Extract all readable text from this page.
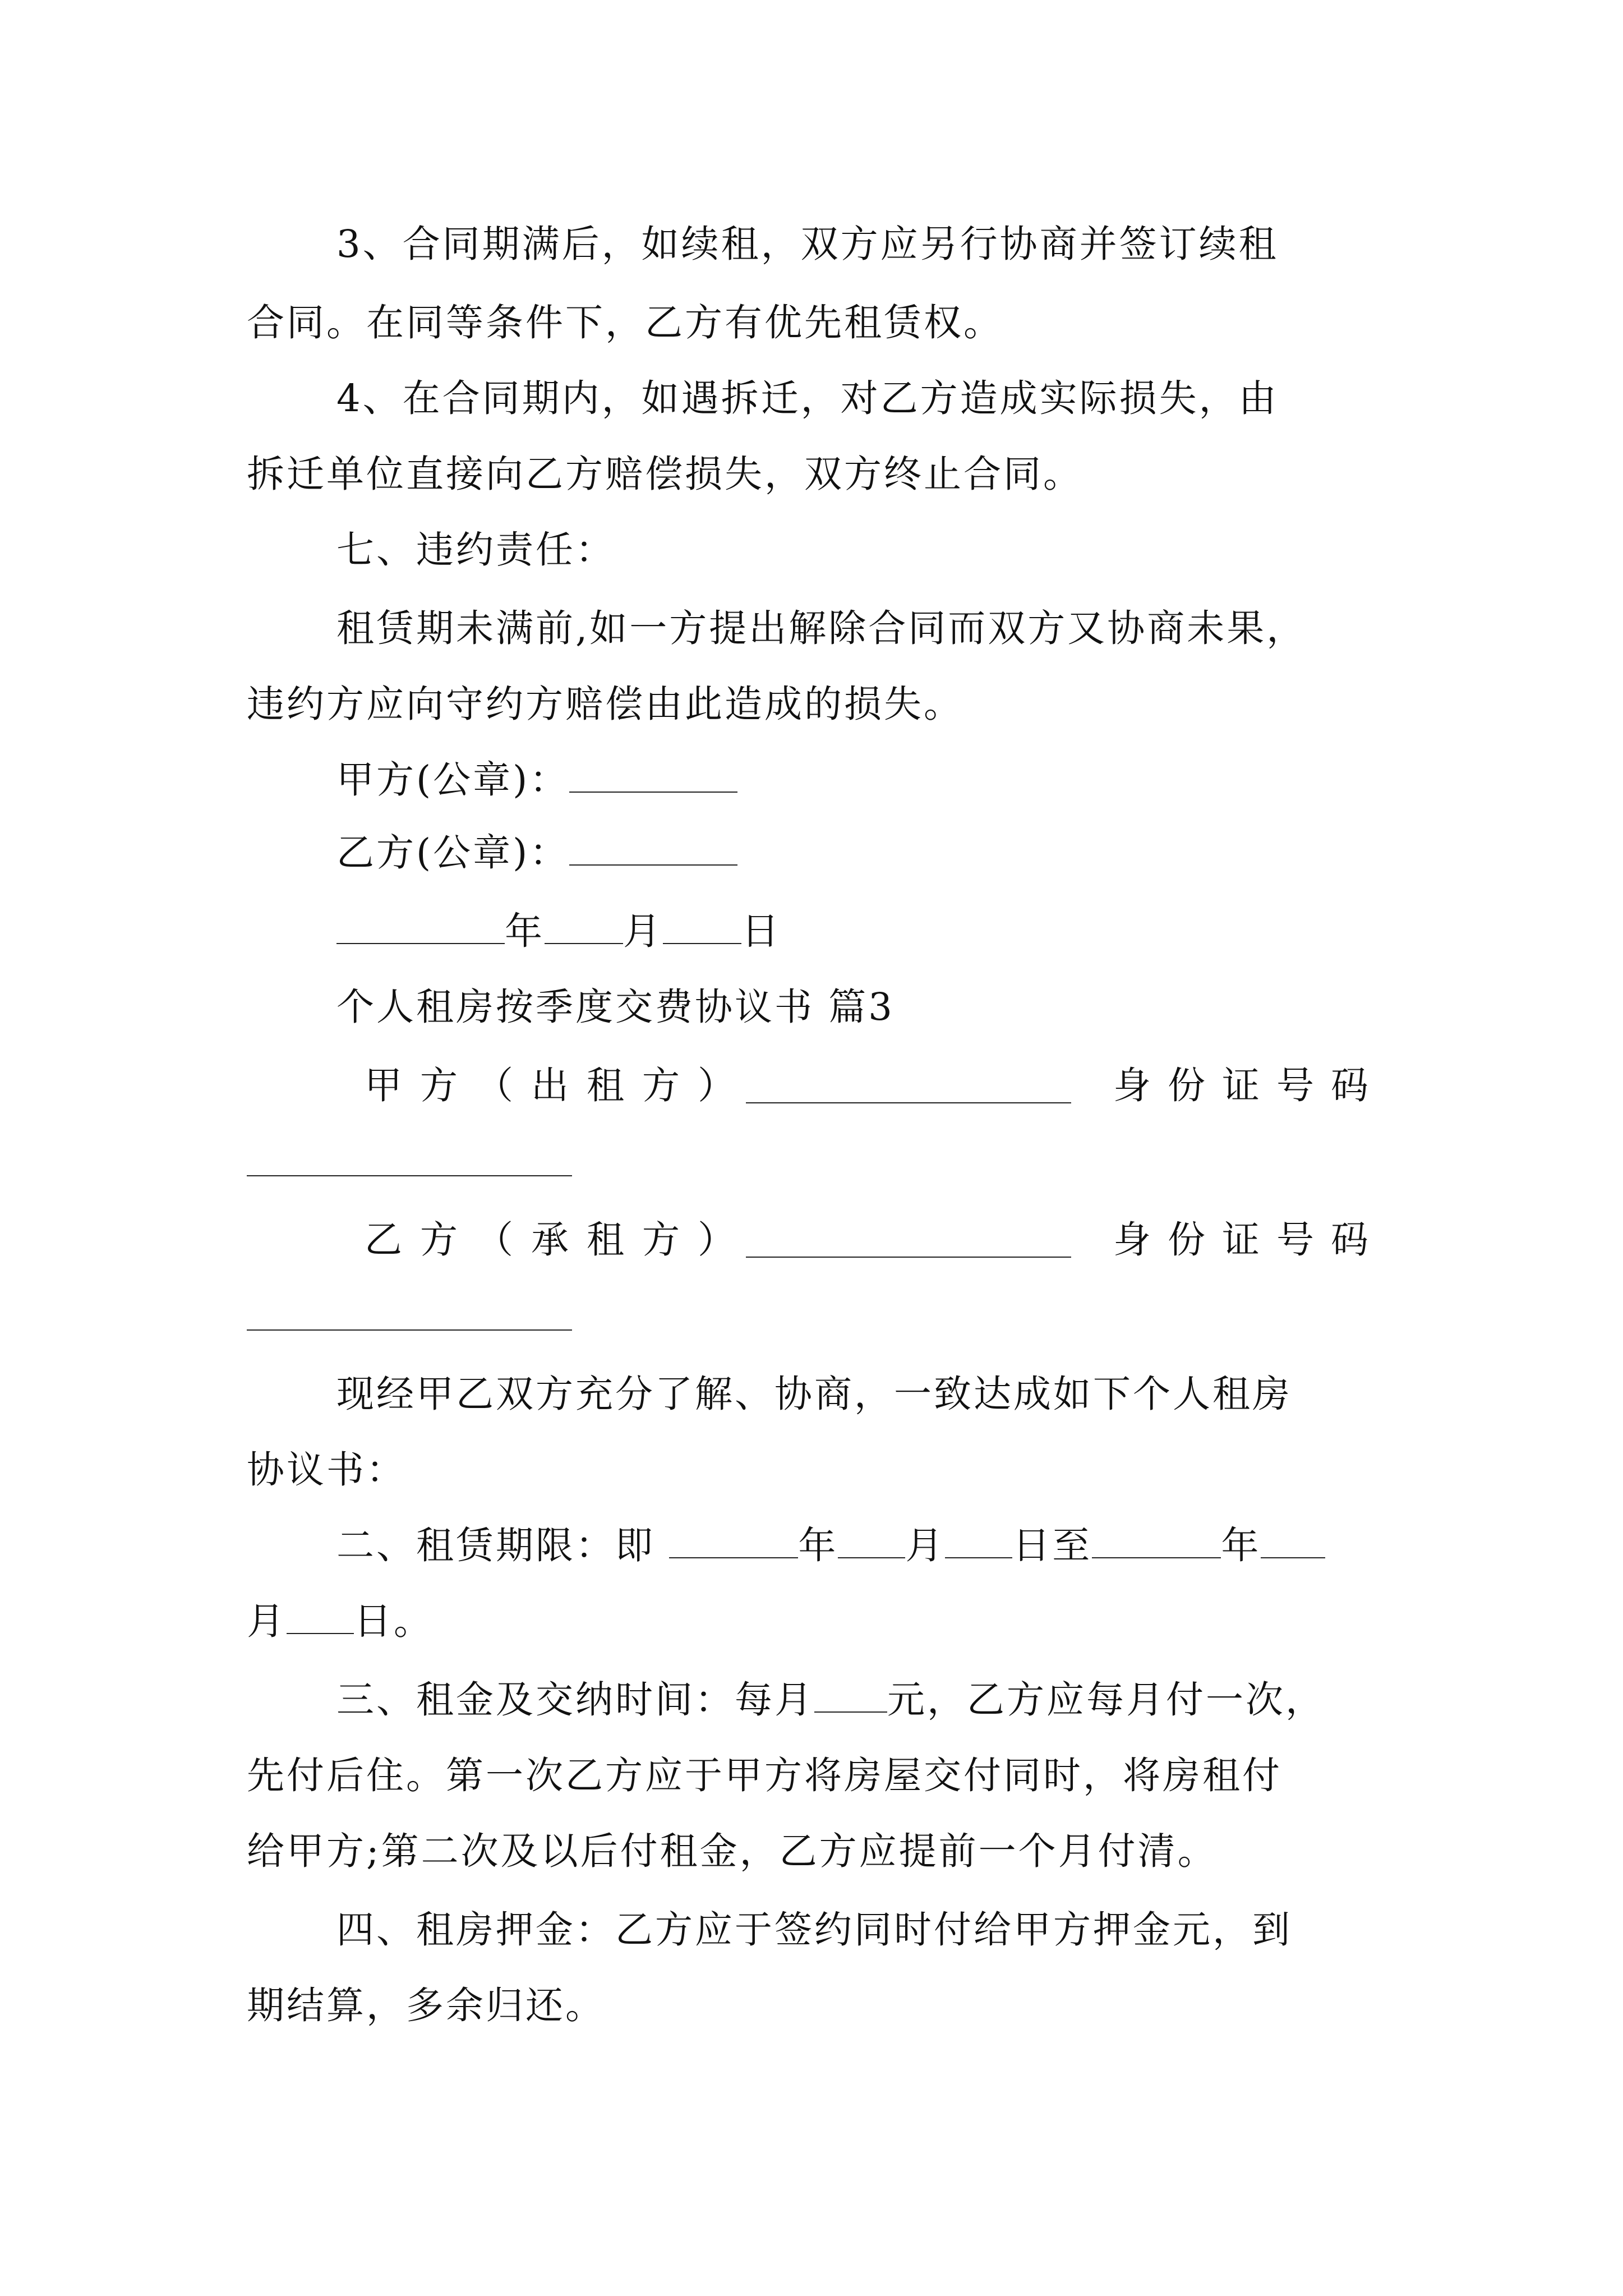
3、合同期满后，如续租，双方应另行协商并签订续租
合同。在同等条件下，乙方有优先租赁权。
4、在合同期内，如遇拆迁，对乙方造成实际损失，由
拆迁单位直接向乙方赔偿损失，双方终止合同。
七、违约责任：
租赁期未满前,如一方提出解除合同而双方又协商未果，
违约方应向守约方赔偿由此造成的损失。
甲方(公章)：
乙方(公章)：
年 月 日
个人租房按季度交费协议书 篇3
甲方（出租方）	身份证号码
乙方（承租方）	身份证号码
现经甲乙双方充分了解、协商，一致达成如下个人租房
协议书：
二、租赁期限：即	年 月 日至	年
月 日。
三、租金及交纳时间：每月 元，乙方应每月付一次，
先付后住。第一次乙方应于甲方将房屋交付同时，将房租付
给甲方;第二次及以后付租金，乙方应提前一个月付清。
四、租房押金：乙方应于签约同时付给甲方押金元，到
期结算，多余归还。
